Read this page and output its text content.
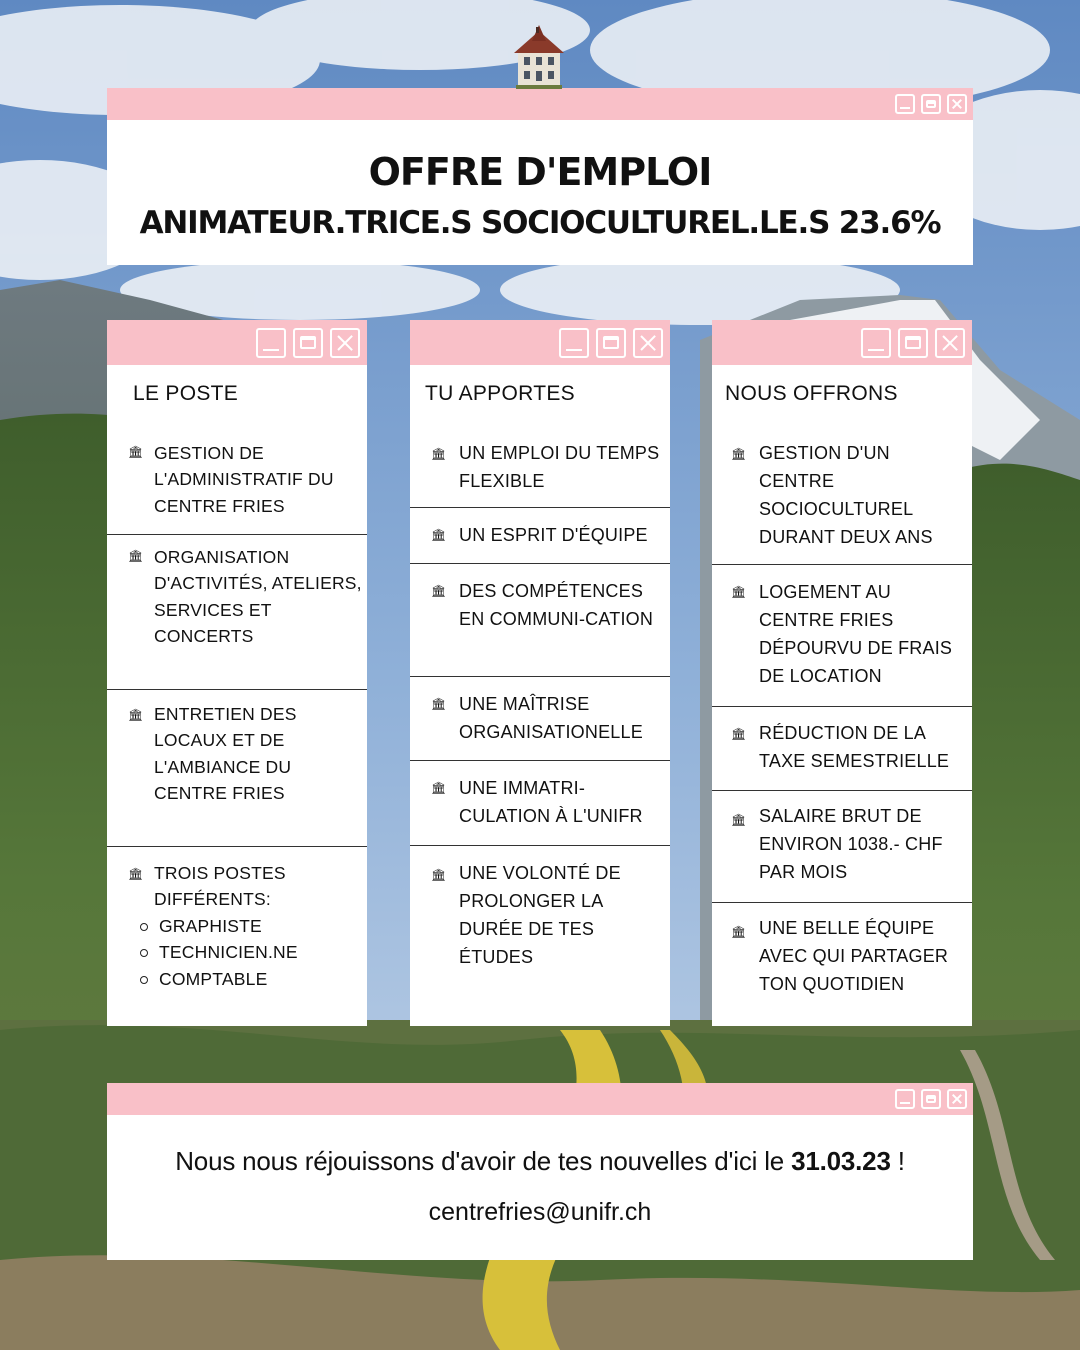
OFFRE D'EMPLOI
ANIMATEUR.TRICE.S SOCIOCULTUREL.LE.S 23.6%
LE POSTE
🏛 GESTION DE L'ADMINISTRATIF DU CENTRE FRIES
🏛 ORGANISATION D'ACTIVITÉS, ATELIERS, SERVICES ET CONCERTS
🏛 ENTRETIEN DES LOCAUX ET DE L'AMBIANCE DU CENTRE FRIES
🏛 TROIS POSTES DIFFÉRENTS:
GRAPHISTE
TECHNICIEN.NE
COMPTABLE
TU APPORTES
🏛 UN EMPLOI DU TEMPS FLEXIBLE
🏛 UN ESPRIT D'ÉQUIPE
🏛 DES COMPÉTENCES EN COMMUNI-CATION
🏛 UNE MAÎTRISE ORGANISATIONELLE
🏛 UNE IMMATRI-CULATION À L'UNIFR
🏛 UNE VOLONTÉ DE PROLONGER LA DURÉE DE TES ÉTUDES
NOUS OFFRONS
🏛 GESTION D'UN CENTRE SOCIOCULTUREL DURANT DEUX ANS
🏛 LOGEMENT AU CENTRE FRIES DÉPOURVU DE FRAIS DE LOCATION
🏛 RÉDUCTION DE LA TAXE SEMESTRIELLE
🏛 SALAIRE BRUT DE ENVIRON 1038.- CHF PAR MOIS
🏛 UNE BELLE ÉQUIPE AVEC QUI PARTAGER TON QUOTIDIEN
Nous nous réjouissons d'avoir de tes nouvelles d'ici le 31.03.23 !
centrefries@unifr.ch
